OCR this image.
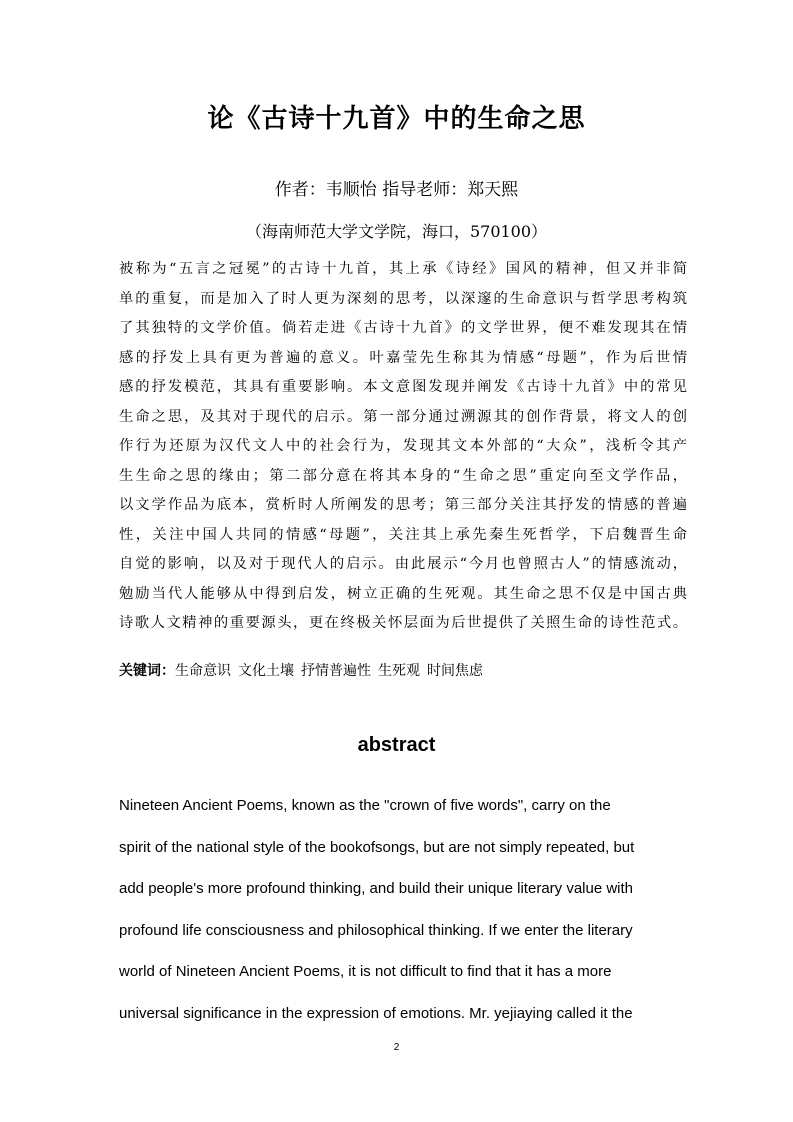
论《古诗十九首》中的生命之思
作者：韦顺怡 指导老师：郑天熙
（海南师范大学文学院，海口，570100）
被称为“五言之冠冕”的古诗十九首，其上承《诗经》国风的精神，但又并非简
单的重复，而是加入了时人更为深刻的思考，以深邃的生命意识与哲学思考构筑
了其独特的文学价值。倘若走进《古诗十九首》的文学世界，便不难发现其在情
感的抒发上具有更为普遍的意义。叶嘉莹先生称其为情感“母题”，作为后世情
感的抒发模范，其具有重要影响。本文意图发现并阐发《古诗十九首》中的常见
生命之思，及其对于现代的启示。第一部分通过溯源其的创作背景，将文人的创
作行为还原为汉代文人中的社会行为，发现其文本外部的“大众”，浅析令其产
生生命之思的缘由；第二部分意在将其本身的“生命之思”重定向至文学作品，
以文学作品为底本，赏析时人所阐发的思考；第三部分关注其抒发的情感的普遍
性，关注中国人共同的情感“母题”，关注其上承先秦生死哲学，下启魏晋生命
自觉的影响，以及对于现代人的启示。由此展示“今月也曾照古人”的情感流动，
勉励当代人能够从中得到启发，树立正确的生死观。其生命之思不仅是中国古典
诗歌人文精神的重要源头，更在终极关怀层面为后世提供了关照生命的诗性范式。
关键词：生命意识 文化土壤 抒情普遍性 生死观 时间焦虑
abstract
Nineteen Ancient Poems, known as the "crown of five words", carry on the
spirit of the national style of the bookofsongs, but are not simply repeated, but
add people's more profound thinking, and build their unique literary value with
profound life consciousness and philosophical thinking. If we enter the literary
world of Nineteen Ancient Poems, it is not difficult to find that it has a more
universal significance in the expression of emotions. Mr. yejiaying called it the
2
